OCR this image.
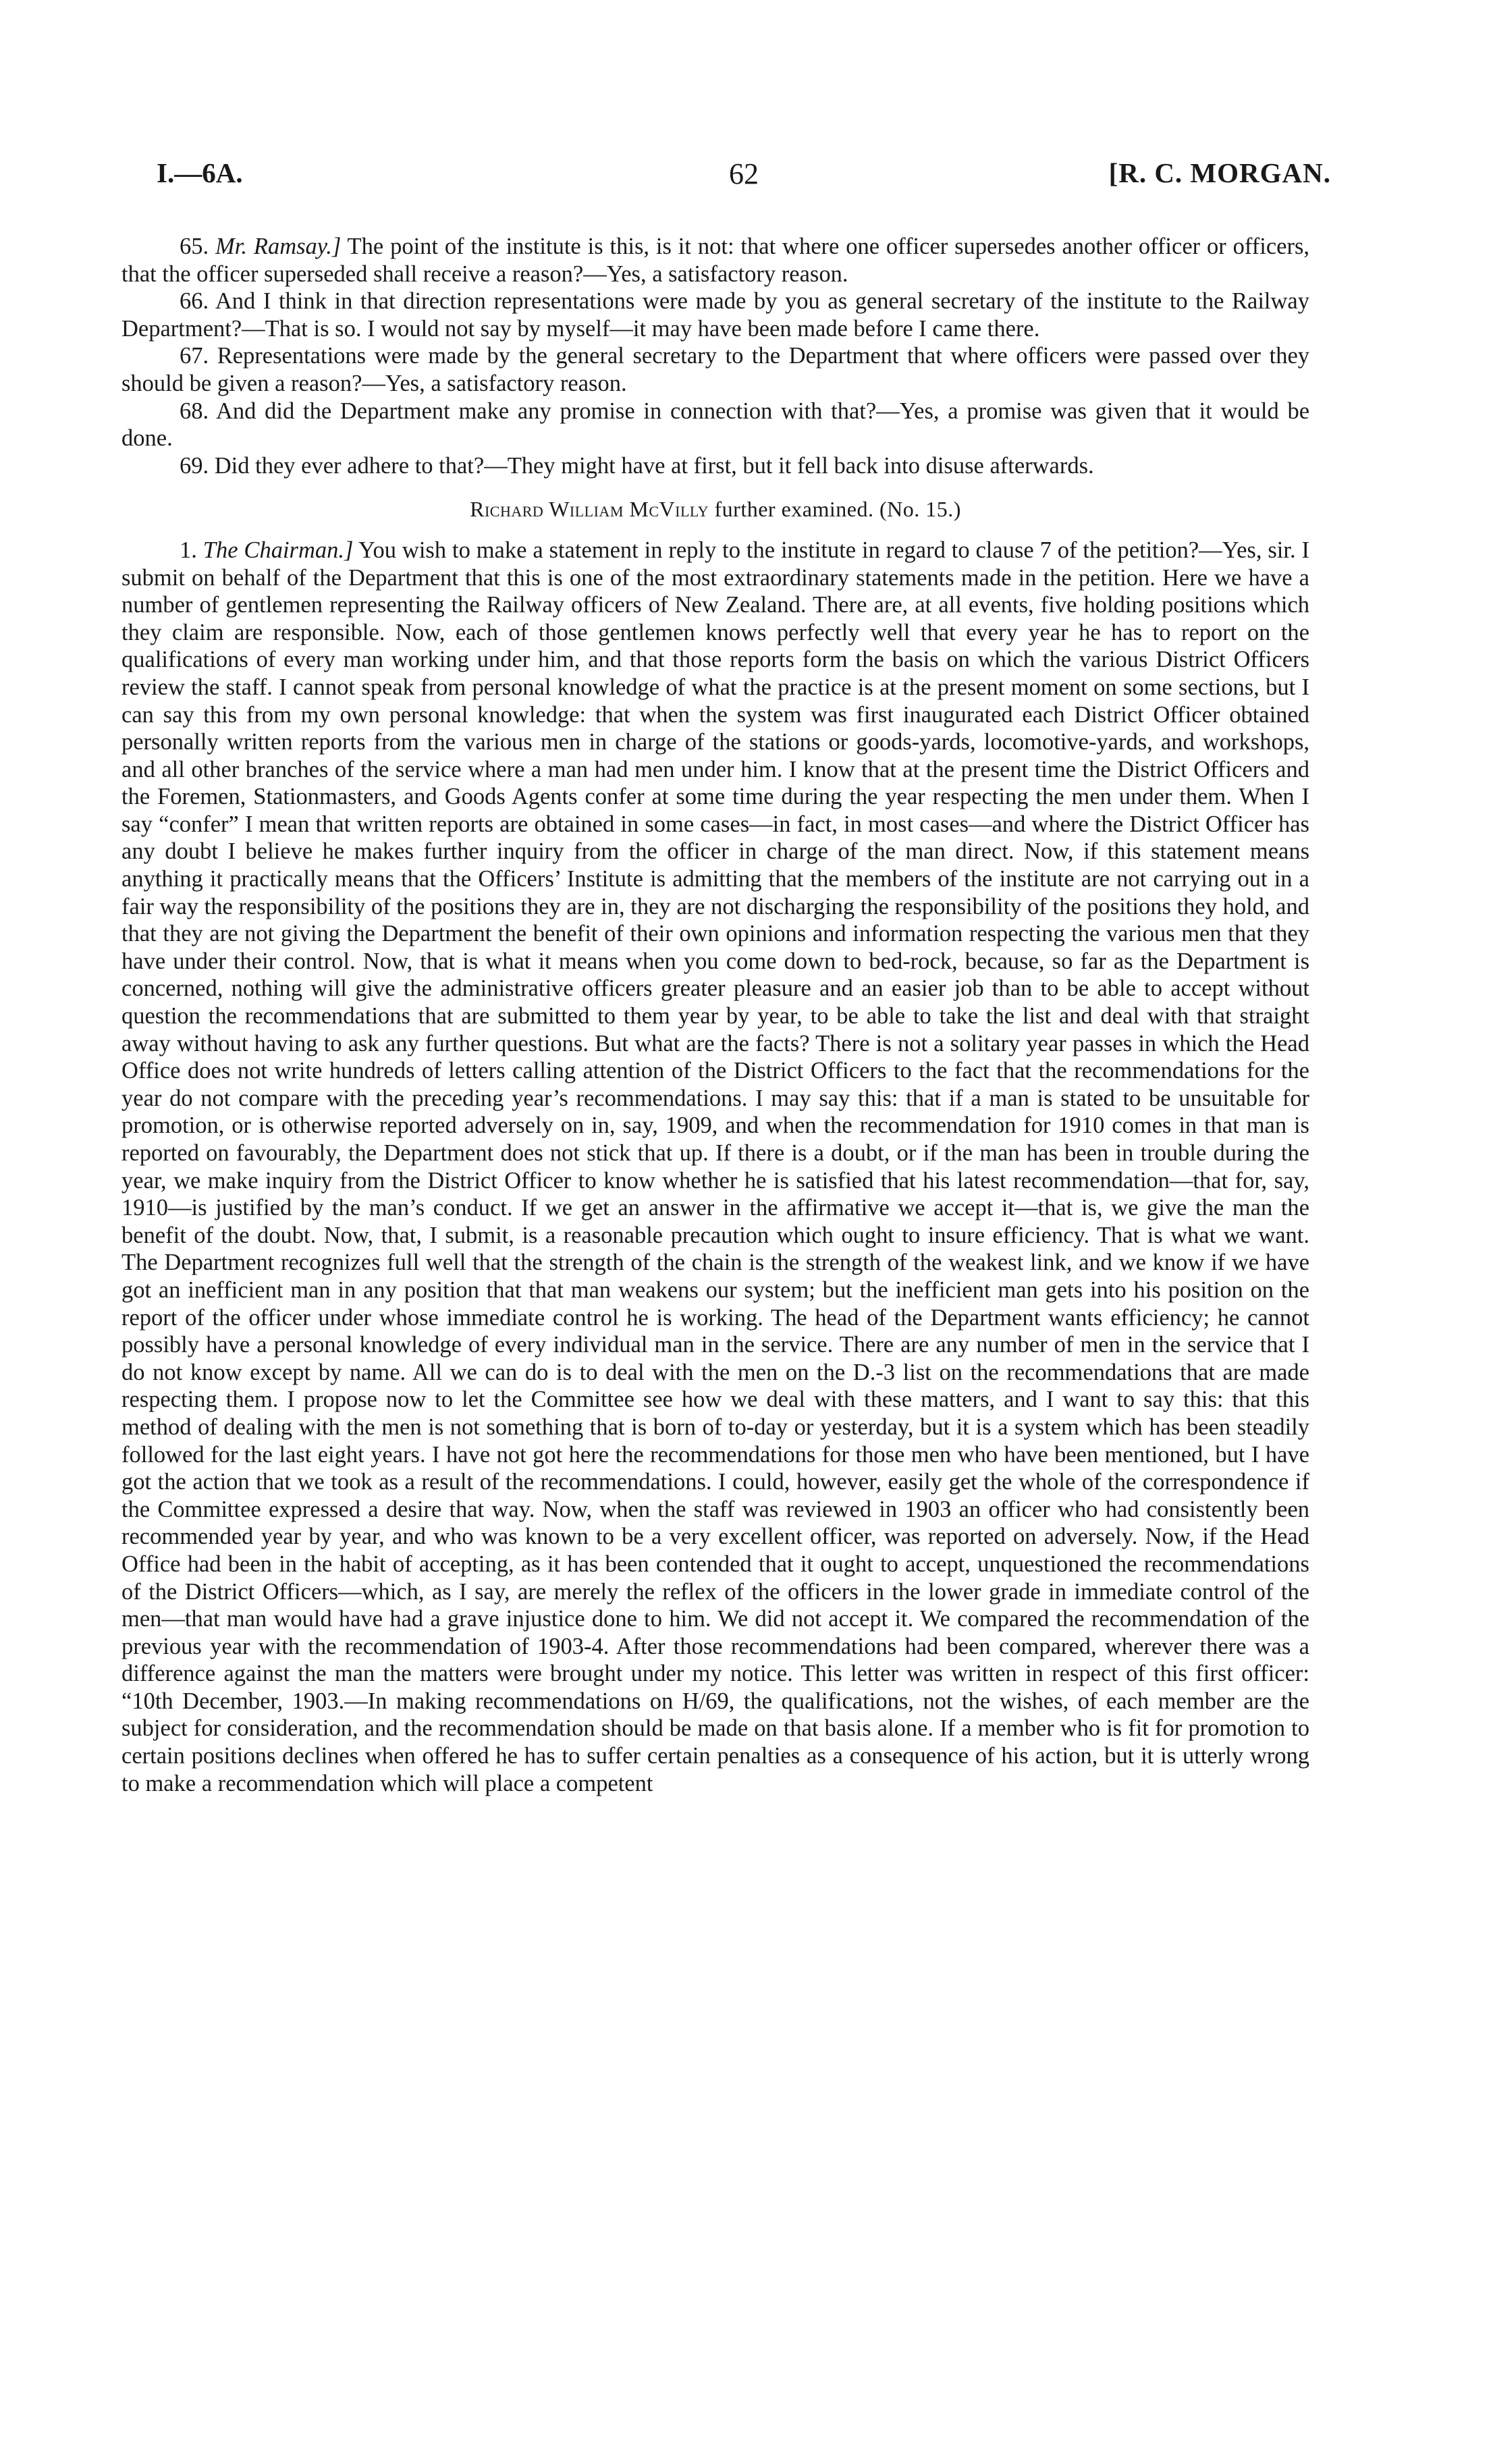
I.—6A.	62	[R. C. MORGAN.

65. Mr. Ramsay.] The point of the institute is this, is it not: that where one officer supersedes another officer or officers, that the officer superseded shall receive a reason?—Yes, a satisfactory reason.

66. And I think in that direction representations were made by you as general secretary of the institute to the Railway Department?—That is so. I would not say by myself—it may have been made before I came there.

67. Representations were made by the general secretary to the Department that where officers were passed over they should be given a reason?—Yes, a satisfactory reason.

68. And did the Department make any promise in connection with that?—Yes, a promise was given that it would be done.

69. Did they ever adhere to that?—They might have at first, but it fell back into disuse afterwards.

Richard William McVilly further examined. (No. 15.)

1. The Chairman.] You wish to make a statement in reply to the institute in regard to clause 7 of the petition?—Yes, sir. I submit on behalf of the Department that this is one of the most extraordinary statements made in the petition. Here we have a number of gentlemen representing the Railway officers of New Zealand. There are, at all events, five holding positions which they claim are responsible. Now, each of those gentlemen knows perfectly well that every year he has to report on the qualifications of every man working under him, and that those reports form the basis on which the various District Officers review the staff. I cannot speak from personal knowledge of what the practice is at the present moment on some sections, but I can say this from my own personal knowledge: that when the system was first inaugurated each District Officer obtained personally written reports from the various men in charge of the stations or goods-yards, locomotive-yards, and workshops, and all other branches of the service where a man had men under him. I know that at the present time the District Officers and the Foremen, Stationmasters, and Goods Agents confer at some time during the year respecting the men under them. When I say “confer” I mean that written reports are obtained in some cases—in fact, in most cases—and where the District Officer has any doubt I believe he makes further inquiry from the officer in charge of the man direct. Now, if this statement means anything it practically means that the Officers’ Institute is admitting that the members of the institute are not carrying out in a fair way the responsibility of the positions they are in, they are not discharging the responsibility of the positions they hold, and that they are not giving the Department the benefit of their own opinions and information respecting the various men that they have under their control. Now, that is what it means when you come down to bed-rock, because, so far as the Department is concerned, nothing will give the administrative officers greater pleasure and an easier job than to be able to accept without question the recommendations that are submitted to them year by year, to be able to take the list and deal with that straight away without having to ask any further questions. But what are the facts? There is not a solitary year passes in which the Head Office does not write hundreds of letters calling attention of the District Officers to the fact that the recommendations for the year do not compare with the preceding year’s recommendations. I may say this: that if a man is stated to be unsuitable for promotion, or is otherwise reported adversely on in, say, 1909, and when the recommendation for 1910 comes in that man is reported on favourably, the Department does not stick that up. If there is a doubt, or if the man has been in trouble during the year, we make inquiry from the District Officer to know whether he is satisfied that his latest recommendation—that for, say, 1910—is justified by the man’s conduct. If we get an answer in the affirmative we accept it—that is, we give the man the benefit of the doubt. Now, that, I submit, is a reasonable precaution which ought to insure efficiency. That is what we want. The Department recognizes full well that the strength of the chain is the strength of the weakest link, and we know if we have got an inefficient man in any position that that man weakens our system; but the inefficient man gets into his position on the report of the officer under whose immediate control he is working. The head of the Department wants efficiency; he cannot possibly have a personal knowledge of every individual man in the service. There are any number of men in the service that I do not know except by name. All we can do is to deal with the men on the D.-3 list on the recommendations that are made respecting them. I propose now to let the Committee see how we deal with these matters, and I want to say this: that this method of dealing with the men is not something that is born of to-day or yesterday, but it is a system which has been steadily followed for the last eight years. I have not got here the recommendations for those men who have been mentioned, but I have got the action that we took as a result of the recommendations. I could, however, easily get the whole of the correspondence if the Committee expressed a desire that way. Now, when the staff was reviewed in 1903 an officer who had consistently been recommended year by year, and who was known to be a very excellent officer, was reported on adversely. Now, if the Head Office had been in the habit of accepting, as it has been contended that it ought to accept, unquestioned the recommendations of the District Officers—which, as I say, are merely the reflex of the officers in the lower grade in immediate control of the men—that man would have had a grave injustice done to him. We did not accept it. We compared the recommendation of the previous year with the recommendation of 1903-4. After those recommendations had been compared, wherever there was a difference against the man the matters were brought under my notice. This letter was written in respect of this first officer: “10th December, 1903.—In making recommendations on H/69, the qualifications, not the wishes, of each member are the subject for consideration, and the recommendation should be made on that basis alone. If a member who is fit for promotion to certain positions declines when offered he has to suffer certain penalties as a consequence of his action, but it is utterly wrong to make a recommendation which will place a competent
